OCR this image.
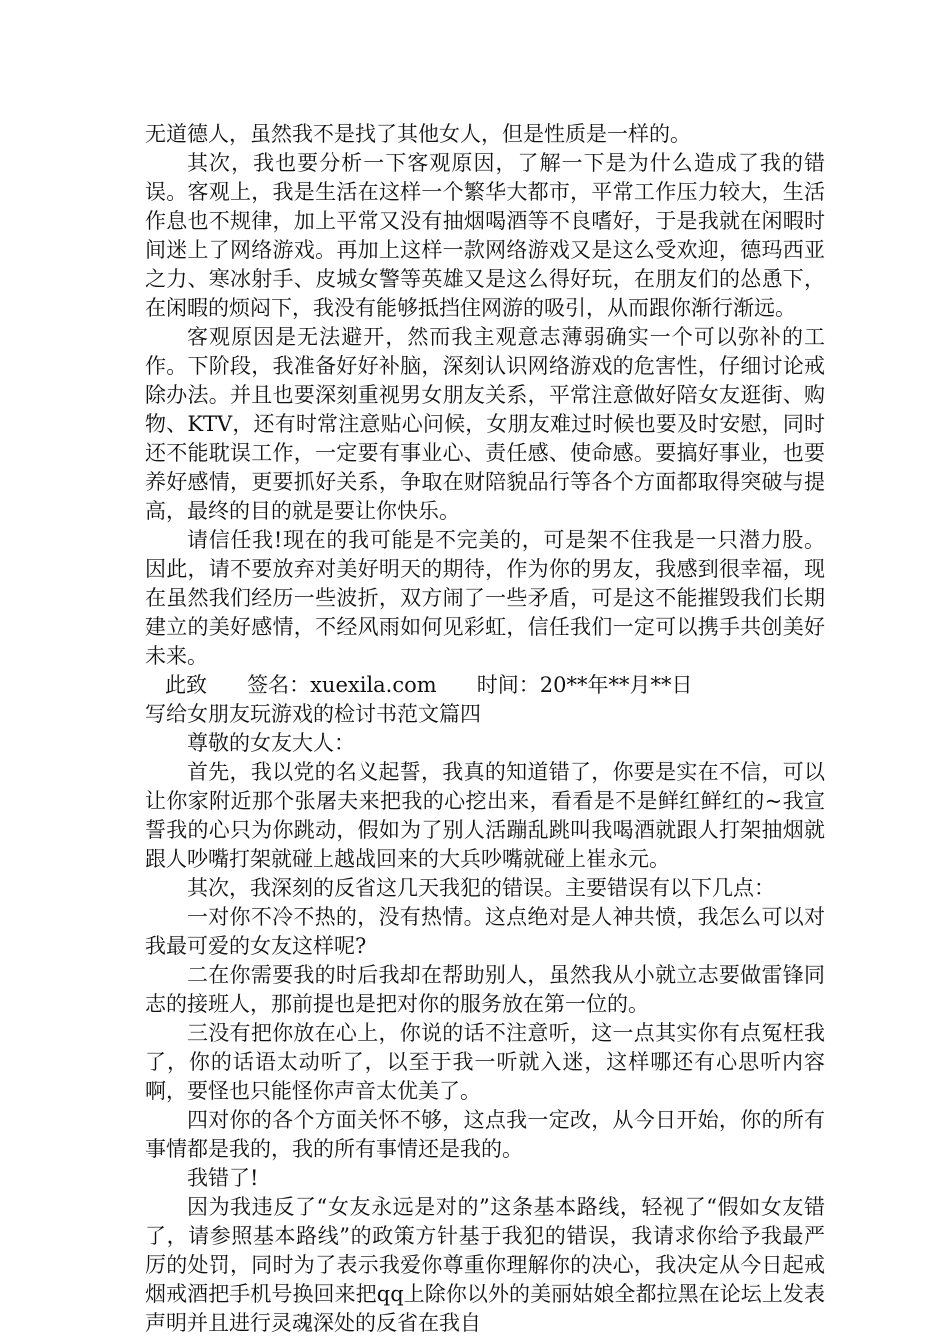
无道德人，虽然我不是找了其他女人，但是性质是一样的。

其次，我也要分析一下客观原因，了解一下是为什么造成了我的错误。客观上，我是生活在这样一个繁华大都市，平常工作压力较大，生活作息也不规律，加上平常又没有抽烟喝酒等不良嗜好，于是我就在闲暇时间迷上了网络游戏。再加上这样一款网络游戏又是这么受欢迎，德玛西亚之力、寒冰射手、皮城女警等英雄又是这么得好玩，在朋友们的怂恿下，在闲暇的烦闷下，我没有能够抵挡住网游的吸引，从而跟你渐行渐远。

客观原因是无法避开，然而我主观意志薄弱确实一个可以弥补的工作。下阶段，我准备好好补脑，深刻认识网络游戏的危害性，仔细讨论戒除办法。并且也要深刻重视男女朋友关系，平常注意做好陪女友逛街、购物、KTV，还有时常注意贴心问候，女朋友难过时候也要及时安慰，同时还不能耽误工作，一定要有事业心、责任感、使命感。要搞好事业，也要养好感情，更要抓好关系，争取在财陪貌品行等各个方面都取得突破与提高，最终的目的就是要让你快乐。

请信任我!现在的我可能是不完美的，可是架不住我是一只潜力股。因此，请不要放弃对美好明天的期待，作为你的男友，我感到很幸福，现在虽然我们经历一些波折，双方闹了一些矛盾，可是这不能摧毁我们长期建立的美好感情，不经风雨如何见彩虹，信任我们一定可以携手共创美好未来。

此致 签名：xuexila.com 时间：20**年**月**日

写给女朋友玩游戏的检讨书范文篇四

尊敬的女友大人：

首先，我以党的名义起誓，我真的知道错了，你要是实在不信，可以让你家附近那个张屠夫来把我的心挖出来，看看是不是鲜红鲜红的~我宣誓我的心只为你跳动，假如为了别人活蹦乱跳叫我喝酒就跟人打架抽烟就跟人吵嘴打架就碰上越战回来的大兵吵嘴就碰上崔永元。

其次，我深刻的反省这几天我犯的错误。主要错误有以下几点：

一对你不冷不热的，没有热情。这点绝对是人神共愤，我怎么可以对我最可爱的女友这样呢?

二在你需要我的时后我却在帮助别人，虽然我从小就立志要做雷锋同志的接班人，那前提也是把对你的服务放在第一位的。

三没有把你放在心上，你说的话不注意听，这一点其实你有点冤枉我了，你的话语太动听了，以至于我一听就入迷，这样哪还有心思听内容啊，要怪也只能怪你声音太优美了。

四对你的各个方面关怀不够，这点我一定改，从今日开始，你的所有事情都是我的，我的所有事情还是我的。

我错了!

因为我违反了“女友永远是对的”这条基本路线，轻视了“假如女友错了，请参照基本路线”的政策方针基于我犯的错误，我请求你给予我最严厉的处罚，同时为了表示我爱你尊重你理解你的决心，我决定从今日起戒烟戒酒把手机号换回来把qq上除你以外的美丽姑娘全都拉黑在论坛上发表声明并且进行灵魂深处的反省在我自
